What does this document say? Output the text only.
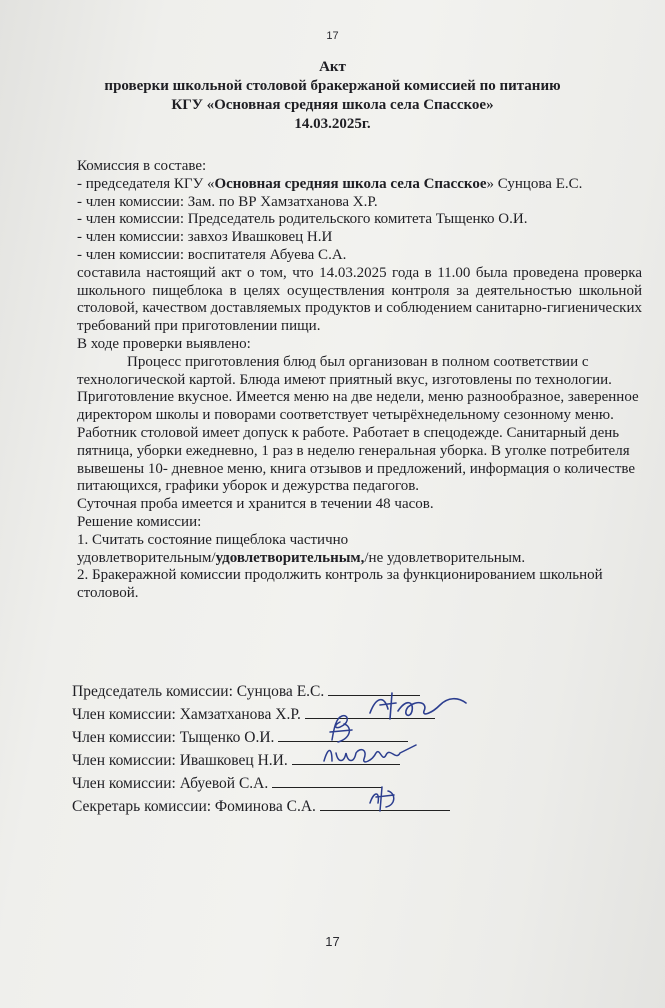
17
Акт
проверки школьной столовой бракержаной комиссией по питанию
КГУ «Основная средняя школа села Спасское»
14.03.2025г.

Комиссия в составе:

- председателя КГУ «Основная средняя школа села Спасское» Сунцова Е.С.

- член комиссии: Зам. по ВР Хамзатханова Х.Р.

- член комиссии: Председатель родительского комитета Тыщенко О.И.

- член комиссии: завхоз Ивашковец Н.И

- член комиссии: воспитателя Абуева С.А.

составила настоящий акт о том, что 14.03.2025 года в 11.00 была проведена проверка школьного пищеблока в целях осуществления контроля за деятельностью школьной столовой, качеством доставляемых продуктов и соблюдением санитарно-гигиенических требований при приготовлении пищи.

В ходе проверки выявлено:

Процесс приготовления блюд был организован в полном соответствии с технологической картой. Блюда имеют приятный вкус, изготовлены по технологии. Приготовление вкусное. Имеется меню на две недели, меню разнообразное, заверенное директором школы и поворами соответствует четырёхнедельному сезонному меню. Работник столовой имеет допуск к работе. Работает в спецодежде. Санитарный день пятница, уборки ежедневно, 1 раз в неделю генеральная уборка. В уголке потребителя вывешены 10- дневное меню, книга отзывов и предложений, информация о количестве питающихся, графики уборок и дежурства педагогов.

Суточная проба имеется и хранится в течении 48 часов.

Решение комиссии:

1. Считать состояние пищеблока частично

удовлетворительным/удовлетворительным,/не удовлетворительным.

2. Бракеражной комиссии продолжить контроль за функционированием школьной столовой.

Председатель комиссии: Сунцова Е.С.
Член комиссии: Хамзатханова Х.Р.
Член комиссии: Тыщенко О.И.
Член комиссии: Ивашковец Н.И.
Член комиссии: Абуевой С.А.
Секретарь комиссии: Фоминова С.А.
17
